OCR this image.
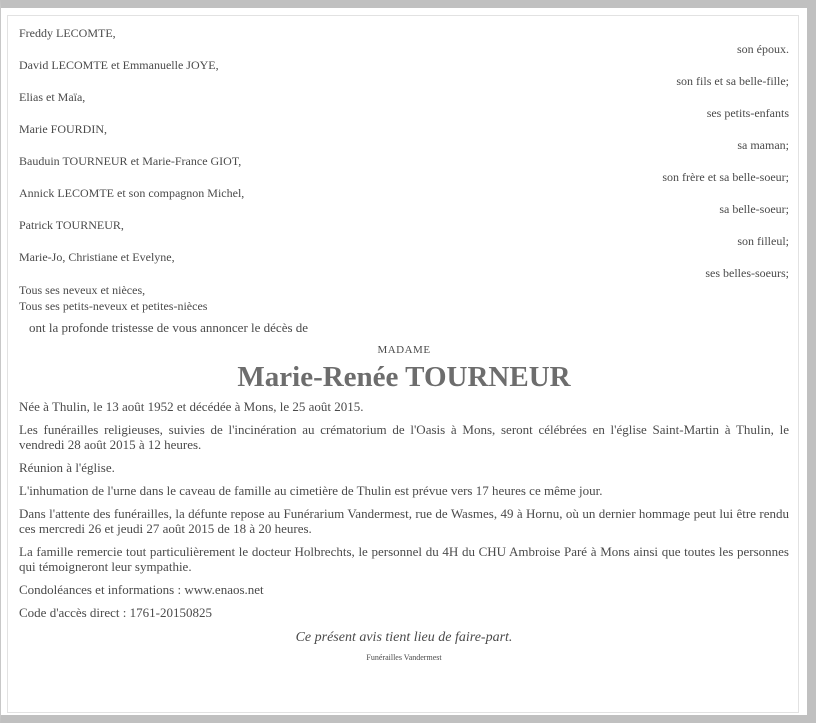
Freddy LECOMTE,
son époux.
David LECOMTE et Emmanuelle JOYE,
son fils et sa belle-fille;
Elias et Maïa,
ses petits-enfants
Marie FOURDIN,
sa maman;
Bauduin TOURNEUR et Marie-France GIOT,
son frère et sa belle-soeur;
Annick LECOMTE et son compagnon Michel,
sa belle-soeur;
Patrick TOURNEUR,
son filleul;
Marie-Jo, Christiane et Evelyne,
ses belles-soeurs;
Tous ses neveux et nièces,
Tous ses petits-neveux et petites-nièces
ont la profonde tristesse de vous annoncer le décès de
MADAME
Marie-Renée TOURNEUR
Née à Thulin, le 13 août 1952 et décédée à Mons, le 25 août 2015.
Les funérailles religieuses, suivies de l'incinération au crématorium de l'Oasis à Mons, seront célébrées en l'église Saint-Martin à Thulin, le vendredi 28 août 2015 à 12 heures.
Réunion à l'église.
L'inhumation de l'urne dans le caveau de famille au cimetière de Thulin est prévue vers 17 heures ce même jour.
Dans l'attente des funérailles, la défunte repose au Funérarium Vandermest, rue de Wasmes, 49 à Hornu, où un dernier hommage peut lui être rendu ces mercredi 26 et jeudi 27 août 2015 de 18 à 20 heures.
La famille remercie tout particulièrement le docteur Holbrechts, le personnel du 4H du CHU Ambroise Paré à Mons ainsi que toutes les personnes qui témoigneront leur sympathie.
Condoléances et informations : www.enaos.net
Code d'accès direct : 1761-20150825
Ce présent avis tient lieu de faire-part.
Funérailles Vandermest
